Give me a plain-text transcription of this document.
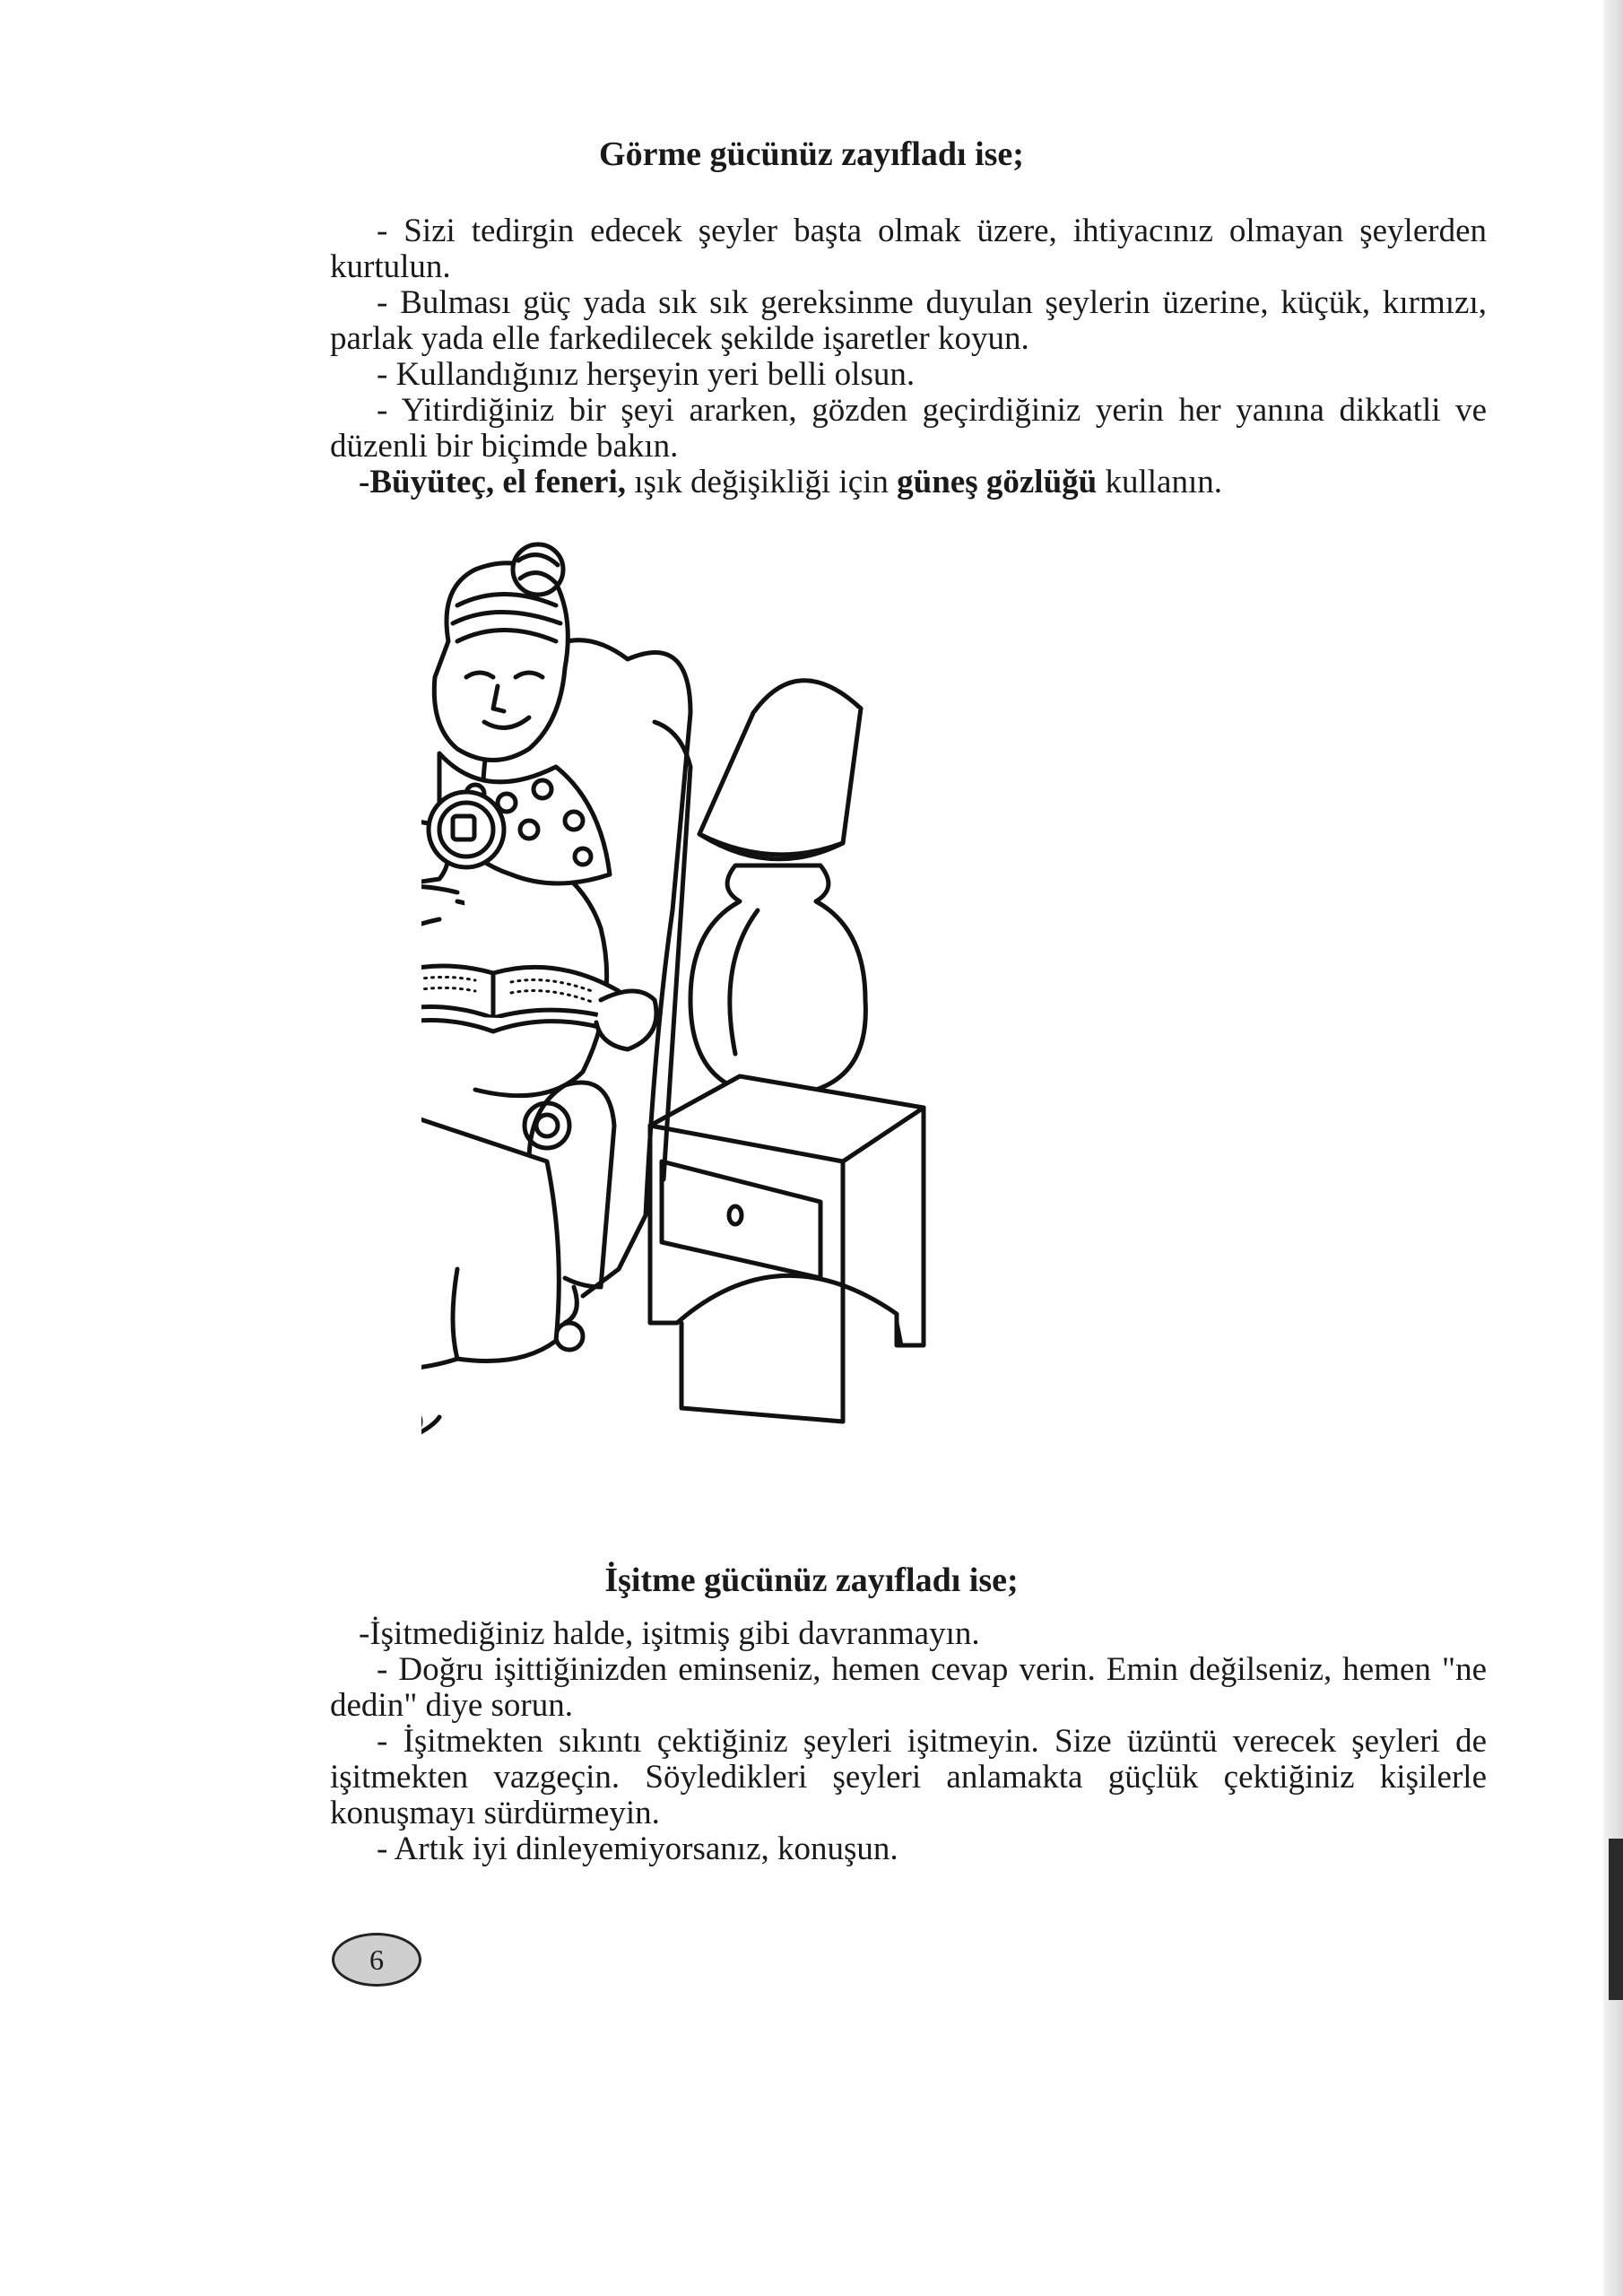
Görme gücünüz zayıfladı ise;

- Sizi tedirgin edecek şeyler başta olmak üzere, ihtiyacınız olmayan şeylerden kurtulun.

- Bulması güç yada sık sık gereksinme duyulan şeylerin üzerine, küçük, kırmızı, parlak yada elle farkedilecek şekilde işaretler koyun.

- Kullandığınız herşeyin yeri belli olsun.

- Yitirdiğiniz bir şeyi ararken, gözden geçirdiğiniz yerin her yanına dikkatli ve düzenli bir biçimde bakın.

-Büyüteç, el feneri, ışık değişikliği için güneş gözlüğü kullanın.

İşitme gücünüz zayıfladı ise;

-İşitmediğiniz halde, işitmiş gibi davranmayın.

- Doğru işittiğinizden eminseniz, hemen cevap verin. Emin değilseniz, hemen "ne dedin" diye sorun.

- İşitmekten sıkıntı çektiğiniz şeyleri işitmeyin. Size üzüntü verecek şeyleri de işitmekten vazgeçin. Söyledikleri şeyleri anlamakta güçlük çektiğiniz kişilerle konuşmayı sürdürmeyin.

- Artık iyi dinleyemiyorsanız, konuşun.

6
